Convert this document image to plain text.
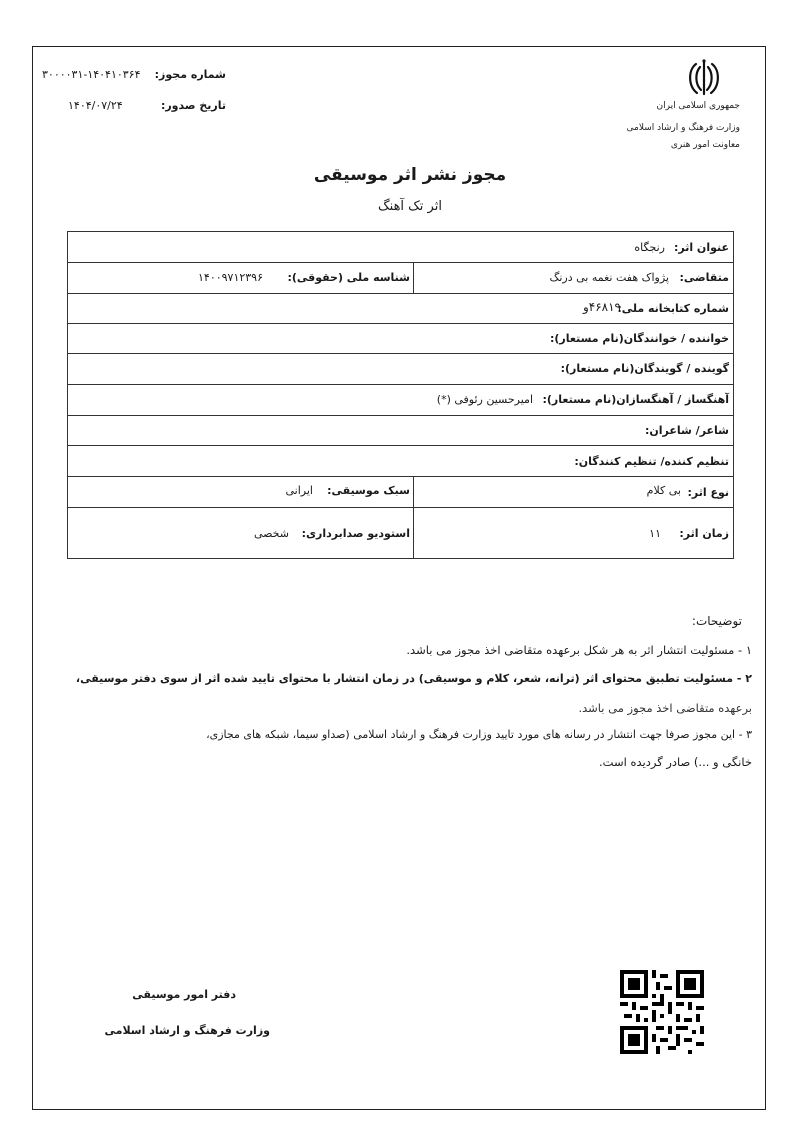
جمهوری اسلامی ایران
وزارت فرهنگ و ارشاد اسلامی
معاونت امور هنری
شماره مجوز:
۳۰۰۰۰۳۱-۱۴۰۴۱۰۳۶۴
تاریخ صدور:
۱۴۰۴/۰۷/۲۴
مجوز نشر اثر موسیقی
اثر تک آهنگ
عنوان اثر:
رنجگاه
متقاضی:
پژواک هفت نغمه بی درنگ
شناسه ملی (حقوقی):
۱۴۰۰۹۷۱۲۳۹۶
شماره کتابخانه ملی:
۴۶۸۱۹و
خواننده / خوانندگان(نام مستعار):
گوینده / گویندگان(نام مستعار):
آهنگساز / آهنگسازان(نام مستعار):
امیرحسین رئوفی (*)
شاعر/ شاعران:
تنظیم کننده/ تنظیم کنندگان:
نوع اثر:
بی کلام
سبک موسیقی:
ایرانی
زمان اثر:
۱۱
استودیو صدابرداری:
شخصی
توضیحات:
۱ - مسئولیت انتشار اثر به هر شکل برعهده متقاضی اخذ مجوز می باشد.
۲ - مسئولیت تطبیق محتوای اثر (ترانه، شعر، کلام و موسیقی) در زمان انتشار با محتوای تایید شده اثر از سوی دفتر موسیقی،
برعهده متقاضی اخذ مجوز می باشد.
۳ - این مجوز صرفا جهت انتشار در رسانه های مورد تایید وزارت فرهنگ و ارشاد اسلامی (صداو سیما، شبکه های مجازی،
خانگی و ...) صادر گردیده است.
دفتر امور موسیقی
وزارت فرهنگ و ارشاد اسلامی
